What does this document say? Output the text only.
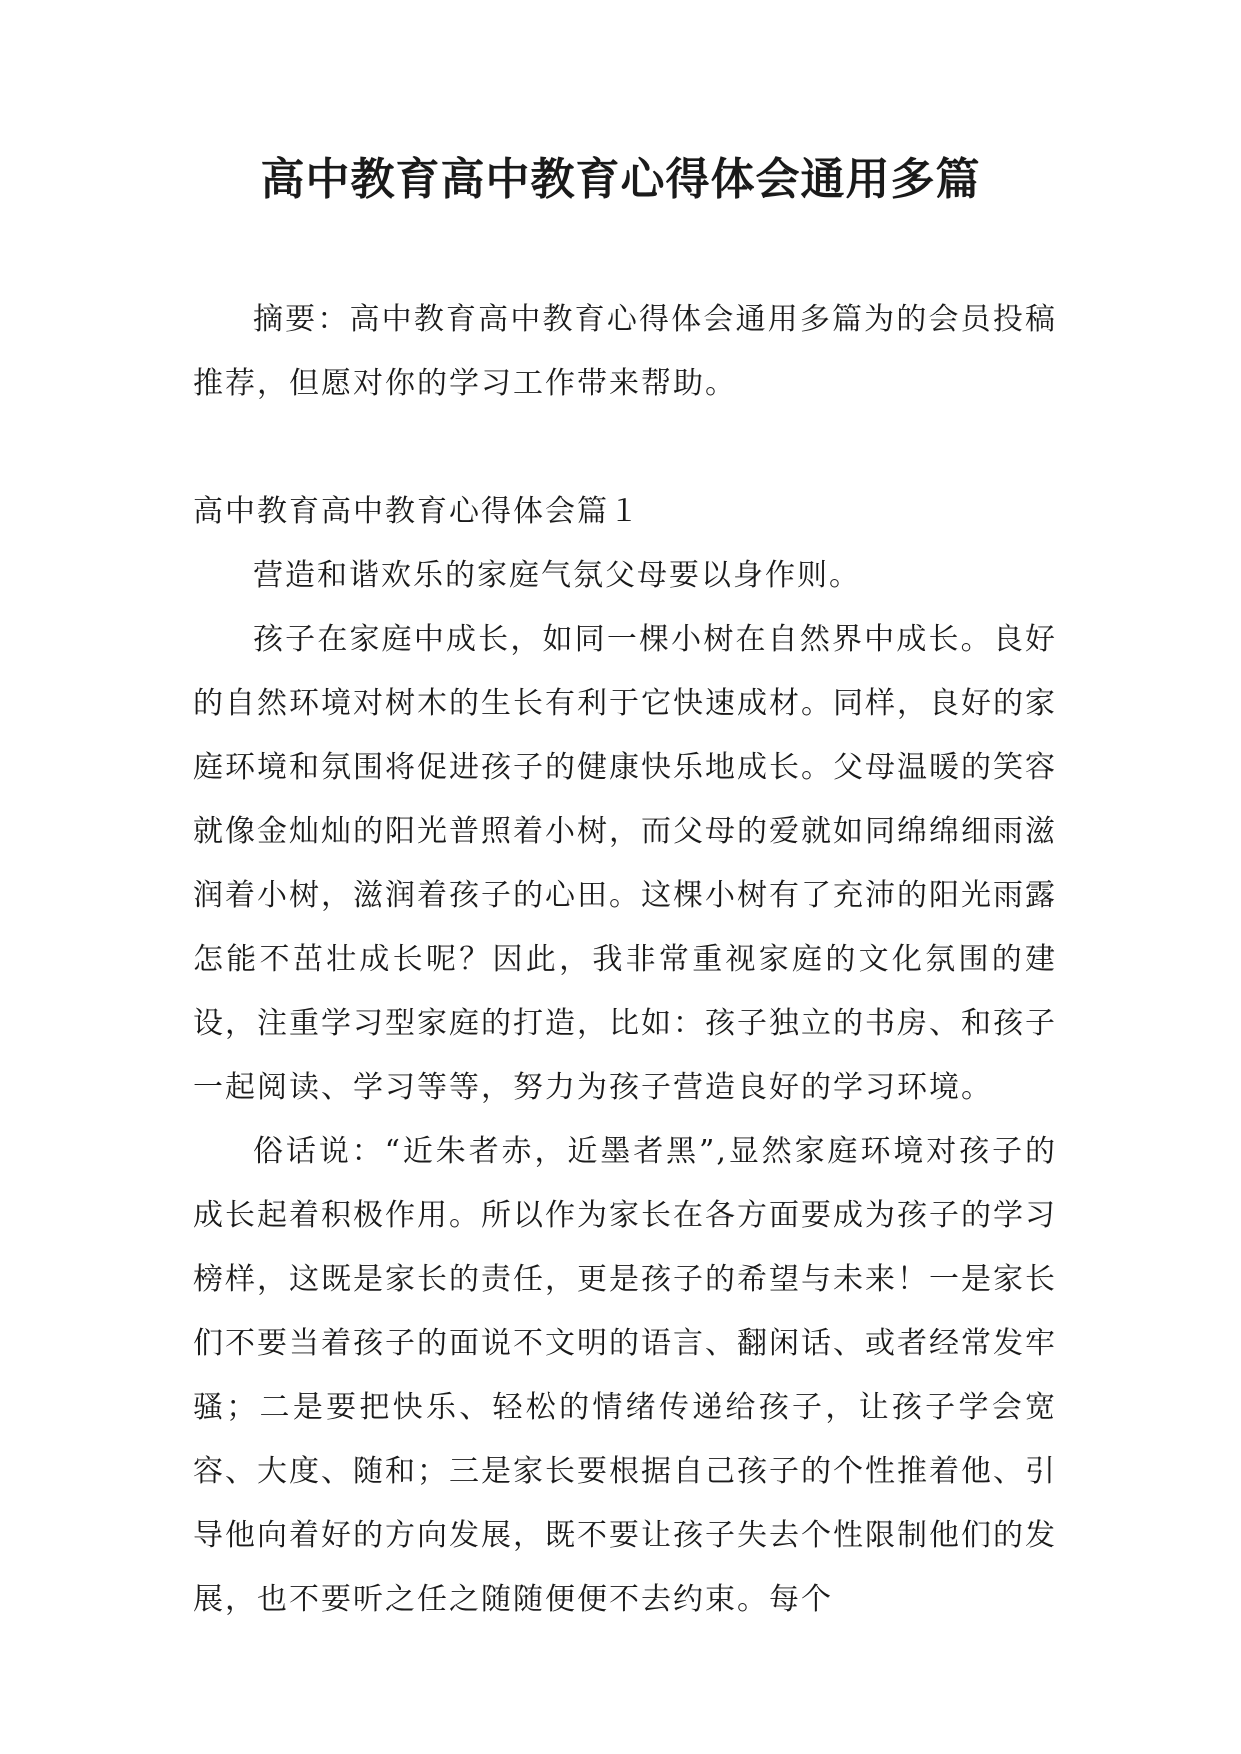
高中教育高中教育心得体会通用多篇

摘要：高中教育高中教育心得体会通用多篇为的会员投稿推荐，但愿对你的学习工作带来帮助。

高中教育高中教育心得体会篇１

营造和谐欢乐的家庭气氛父母要以身作则。

孩子在家庭中成长，如同一棵小树在自然界中成长。良好的自然环境对树木的生长有利于它快速成材。同样，良好的家庭环境和氛围将促进孩子的健康快乐地成长。父母温暖的笑容就像金灿灿的阳光普照着小树，而父母的爱就如同绵绵细雨滋润着小树，滋润着孩子的心田。这棵小树有了充沛的阳光雨露怎能不茁壮成长呢？因此，我非常重视家庭的文化氛围的建设，注重学习型家庭的打造，比如：孩子独立的书房、和孩子一起阅读、学习等等，努力为孩子营造良好的学习环境。

俗话说：“近朱者赤，近墨者黑”,显然家庭环境对孩子的成长起着积极作用。所以作为家长在各方面要成为孩子的学习榜样，这既是家长的责任，更是孩子的希望与未来！一是家长们不要当着孩子的面说不文明的语言、翻闲话、或者经常发牢骚；二是要把快乐、轻松的情绪传递给孩子，让孩子学会宽容、大度、随和；三是家长要根据自己孩子的个性推着他、引导他向着好的方向发展，既不要让孩子失去个性限制他们的发展，也不要听之任之随随便便不去约束。每个
